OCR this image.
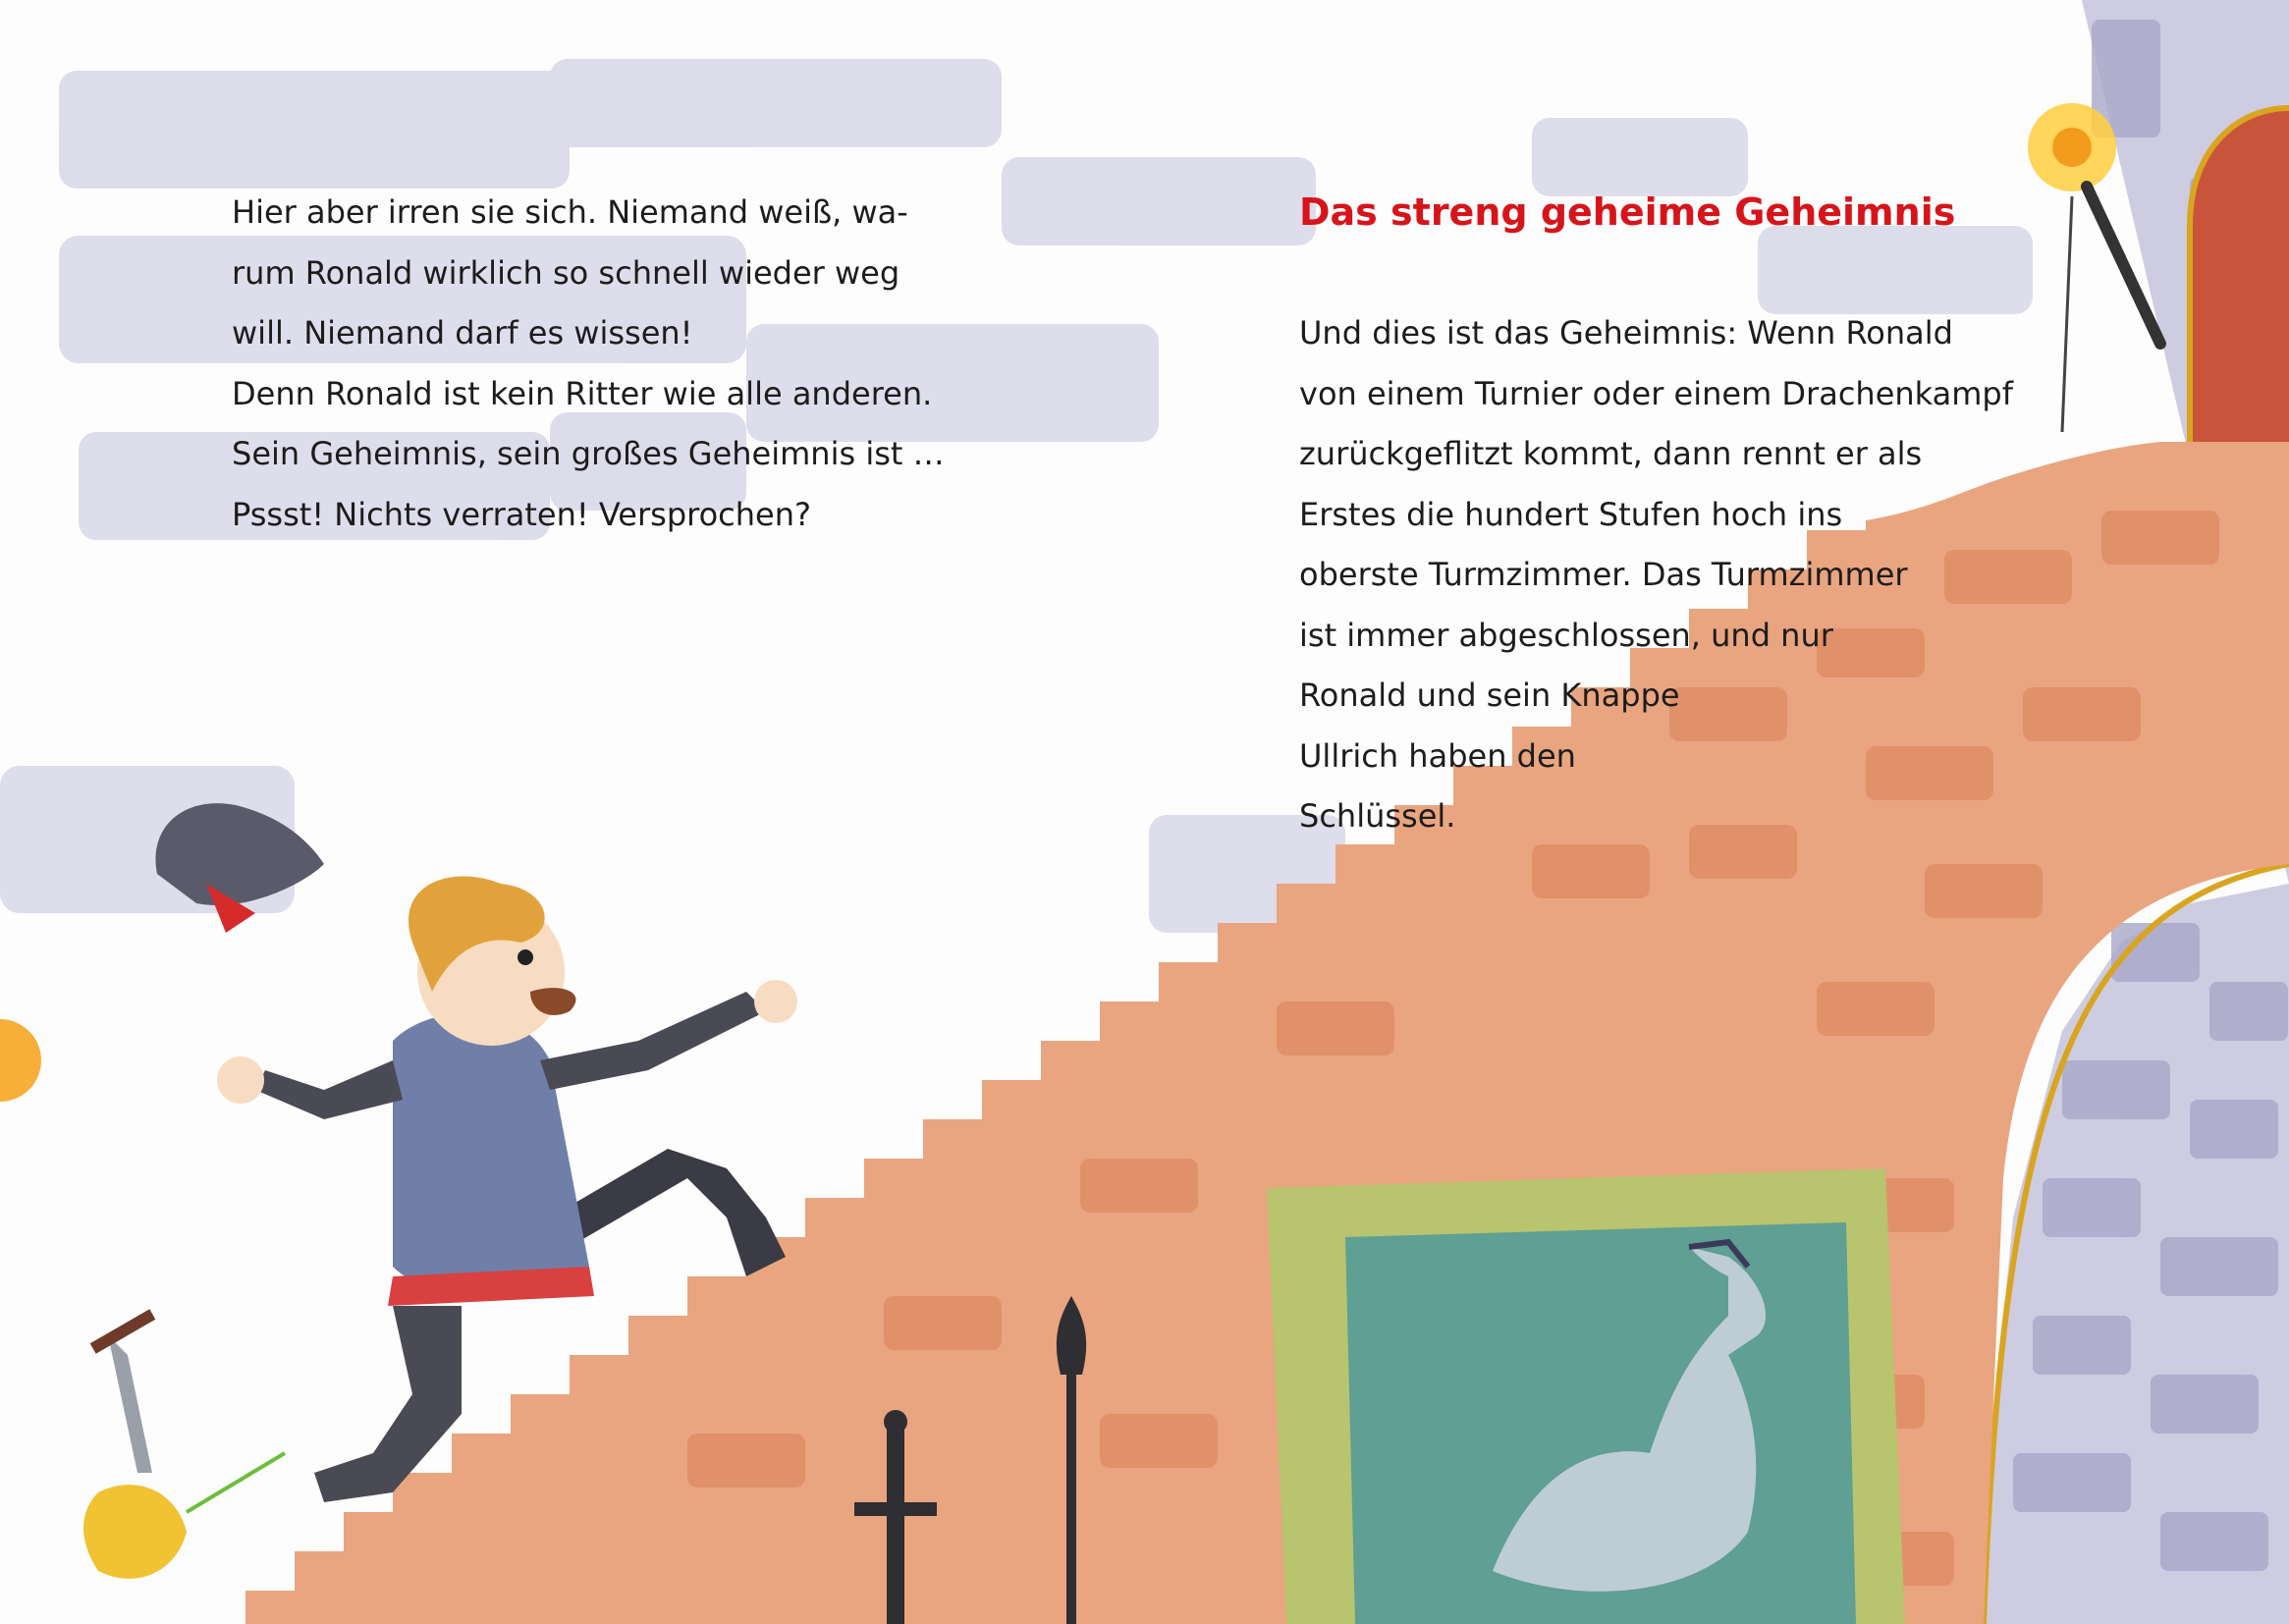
Hier aber irren sie sich. Niemand weiß, wa-

rum Ronald wirklich so schnell wieder weg

will. Niemand darf es wissen!

Denn Ronald ist kein Ritter wie alle anderen.

Sein Geheimnis, sein großes Geheimnis ist …

Pssst! Nichts verraten! Versprochen?

Das streng geheime Geheimnis

Und dies ist das Geheimnis: Wenn Ronald

von einem Turnier oder einem Drachenkampf

zurückgeflitzt kommt, dann rennt er als

Erstes die hundert Stufen hoch ins

oberste Turmzimmer. Das Turmzimmer

ist immer abgeschlossen, und nur

Ronald und sein Knappe

Ullrich haben den

Schlüssel.
